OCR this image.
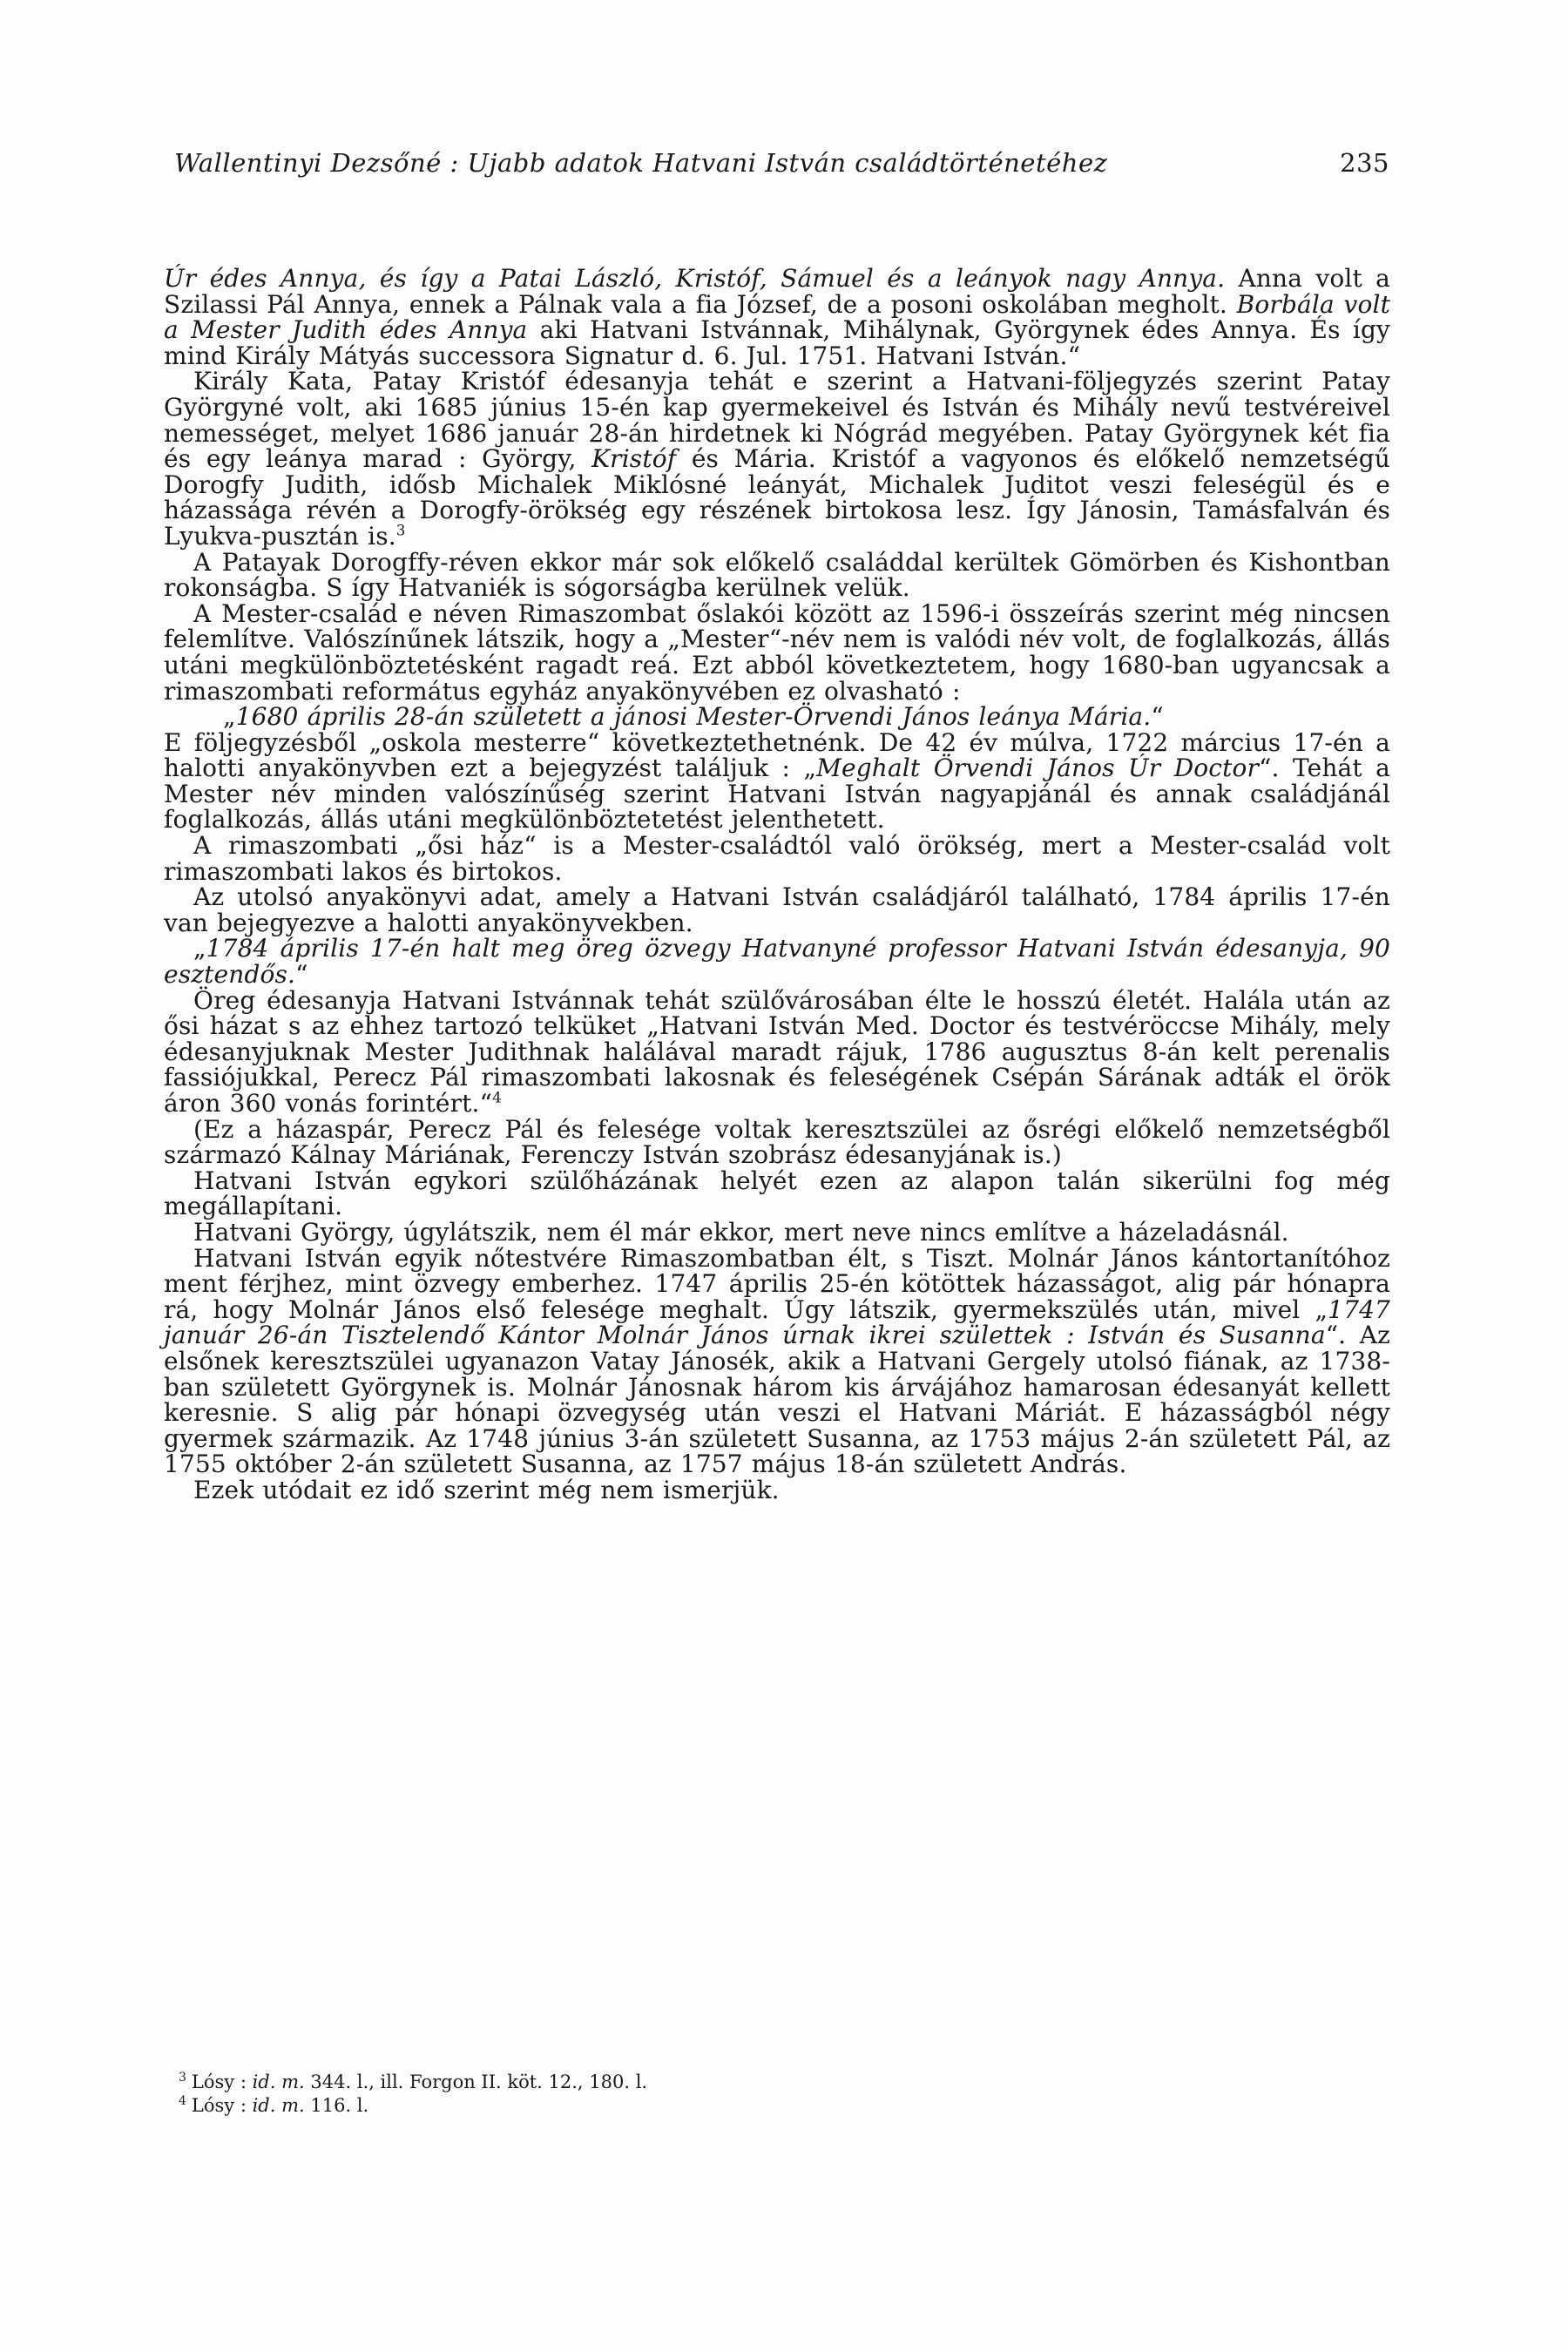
Wallentinyi Dezsőné : Ujabb adatok Hatvani István családtörténetéhez	235

Úr édes Annya, és így a Patai László, Kristóf, Sámuel és a leányok nagy Annya. Anna volt a Szilassi Pál Annya, ennek a Pálnak vala a fia József, de a posoni oskolában megholt. Borbála volt a Mester Judith édes Annya aki Hatvani Istvánnak, Mihálynak, Györgynek édes Annya. És így mind Király Mátyás successora Signatur d. 6. Jul. 1751. Hatvani István.“

Király Kata, Patay Kristóf édesanyja tehát e szerint a Hatvani-följegyzés szerint Patay Györgyné volt, aki 1685 június 15-én kap gyermekeivel és István és Mihály nevű testvéreivel nemességet, melyet 1686 január 28-án hirdetnek ki Nógrád megyében. Patay Györgynek két fia és egy leánya marad : György, Kristóf és Mária. Kristóf a vagyonos és előkelő nemzetségű Dorogfy Judith, idősb Michalek Miklósné leányát, Michalek Juditot veszi feleségül és e házassága révén a Dorogfy-örökség egy részének birtokosa lesz. Így Jánosin, Tamásfalván és Lyukva-pusztán is.$^3$

A Patayak Dorogffy-réven ekkor már sok előkelő családdal kerültek Gömörben és Kishontban rokonságba. S így Hatvaniék is sógorságba kerülnek velük.

A Mester-család e néven Rimaszombat őslakói között az 1596-i összeírás szerint még nincsen felemlítve. Valószínűnek látszik, hogy a „Mester“-név nem is valódi név volt, de foglalkozás, állás utáni megkülönböztetésként ragadt reá. Ezt abból következtetem, hogy 1680-ban ugyancsak a rimaszombati református egyház anyakönyvében ez olvasható :

„1680 április 28-án született a jánosi Mester-Örvendi János leánya Mária.“

E följegyzésből „oskola mesterre“ következtethetnénk. De 42 év múlva, 1722 március 17-én a halotti anyakönyvben ezt a bejegyzést találjuk : „Meghalt Örvendi János Úr Doctor“. Tehát a Mester név minden valószínűség szerint Hatvani István nagyapjánál és annak családjánál foglalkozás, állás utáni megkülönböztetetést jelenthetett.

A rimaszombati „ősi ház“ is a Mester-családtól való örökség, mert a Mester-család volt rimaszombati lakos és birtokos.

Az utolsó anyakönyvi adat, amely a Hatvani István családjáról található, 1784 április 17-én van bejegyezve a halotti anyakönyvekben.

„1784 április 17-én halt meg öreg özvegy Hatvanyné professor Hatvani István édesanyja, 90 esztendős.“

Öreg édesanyja Hatvani Istvánnak tehát szülővárosában élte le hosszú életét. Halála után az ősi házat s az ehhez tartozó telküket „Hatvani István Med. Doctor és testvéröccse Mihály, mely édesanyjuknak Mester Judithnak halálával maradt rájuk, 1786 augusztus 8-án kelt perenalis fassiójukkal, Perecz Pál rimaszombati lakosnak és feleségének Csépán Sárának adták el örök áron 360 vonás forintért.“$^4$

(Ez a házaspár, Perecz Pál és felesége voltak keresztszülei az ősrégi előkelő nemzetségből származó Kálnay Máriának, Ferenczy István szobrász édesanyjának is.)

Hatvani István egykori szülőházának helyét ezen az alapon talán sikerülni fog még megállapítani.

Hatvani György, úgylátszik, nem él már ekkor, mert neve nincs említve a házeladásnál.

Hatvani István egyik nőtestvére Rimaszombatban élt, s Tiszt. Molnár János kántortanítóhoz ment férjhez, mint özvegy emberhez. 1747 április 25-én kötöttek házasságot, alig pár hónapra rá, hogy Molnár János első felesége meghalt. Úgy látszik, gyermekszülés után, mivel „1747 január 26-án Tisztelendő Kántor Molnár János úrnak ikrei születtek : István és Susanna“. Az elsőnek keresztszülei ugyanazon Vatay Jánosék, akik a Hatvani Gergely utolsó fiának, az 1738-ban született Györgynek is. Molnár Jánosnak három kis árvájához hamarosan édesanyát kellett keresnie. S alig pár hónapi özvegység után veszi el Hatvani Máriát. E házasságból négy gyermek származik. Az 1748 június 3-án született Susanna, az 1753 május 2-án született Pál, az 1755 október 2-án született Susanna, az 1757 május 18-án született András.

Ezek utódait ez idő szerint még nem ismerjük.

$^3$ Lósy : id. m. 344. l., ill. Forgon II. köt. 12., 180. l.
$^4$ Lósy : id. m. 116. l.
